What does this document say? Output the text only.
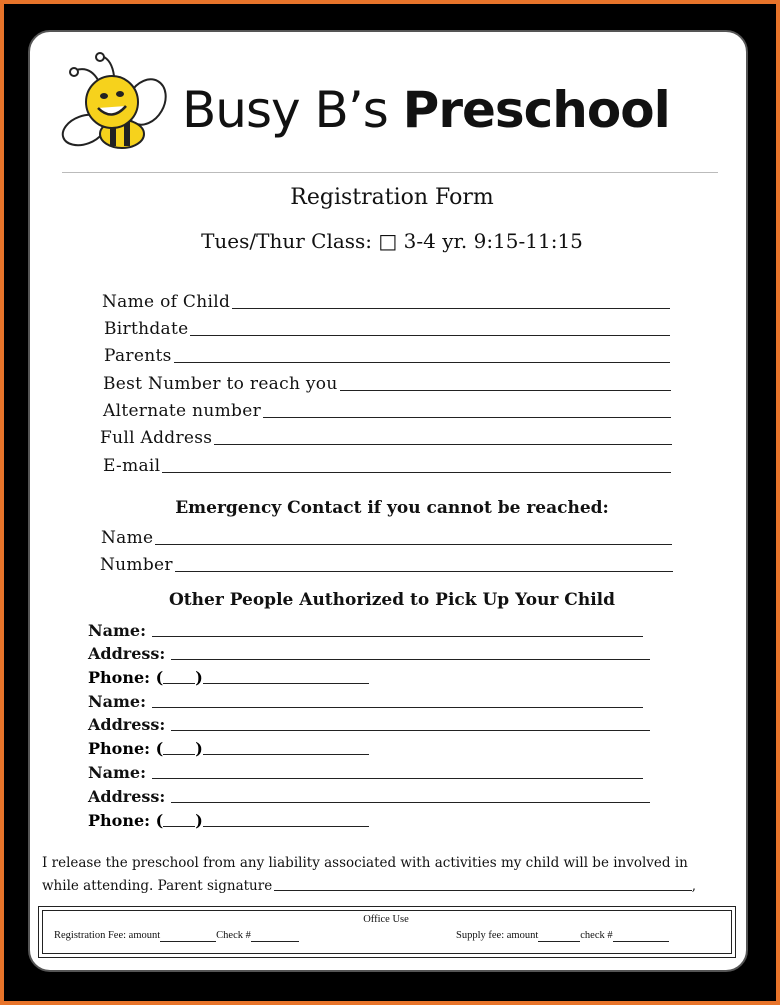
Busy B’s Preschool
Registration Form
Tues/Thur Class: □ 3-4 yr. 9:15-11:15
Name of Child
Birthdate
Parents
Best Number to reach you
Alternate number
Full Address
E-mail
Emergency Contact if you cannot be reached:
Name
Number
Other People Authorized to Pick Up Your Child
Name:
Address:
Phone: ( )
Name:
Address:
Phone: ( )
Name:
Address:
Phone: ( )
I release the preschool from any liability associated with activities my child will be involved in
while attending. Parent signature	,
Office Use
Registration Fee: amount	Check #	Supply fee: amount	check #
